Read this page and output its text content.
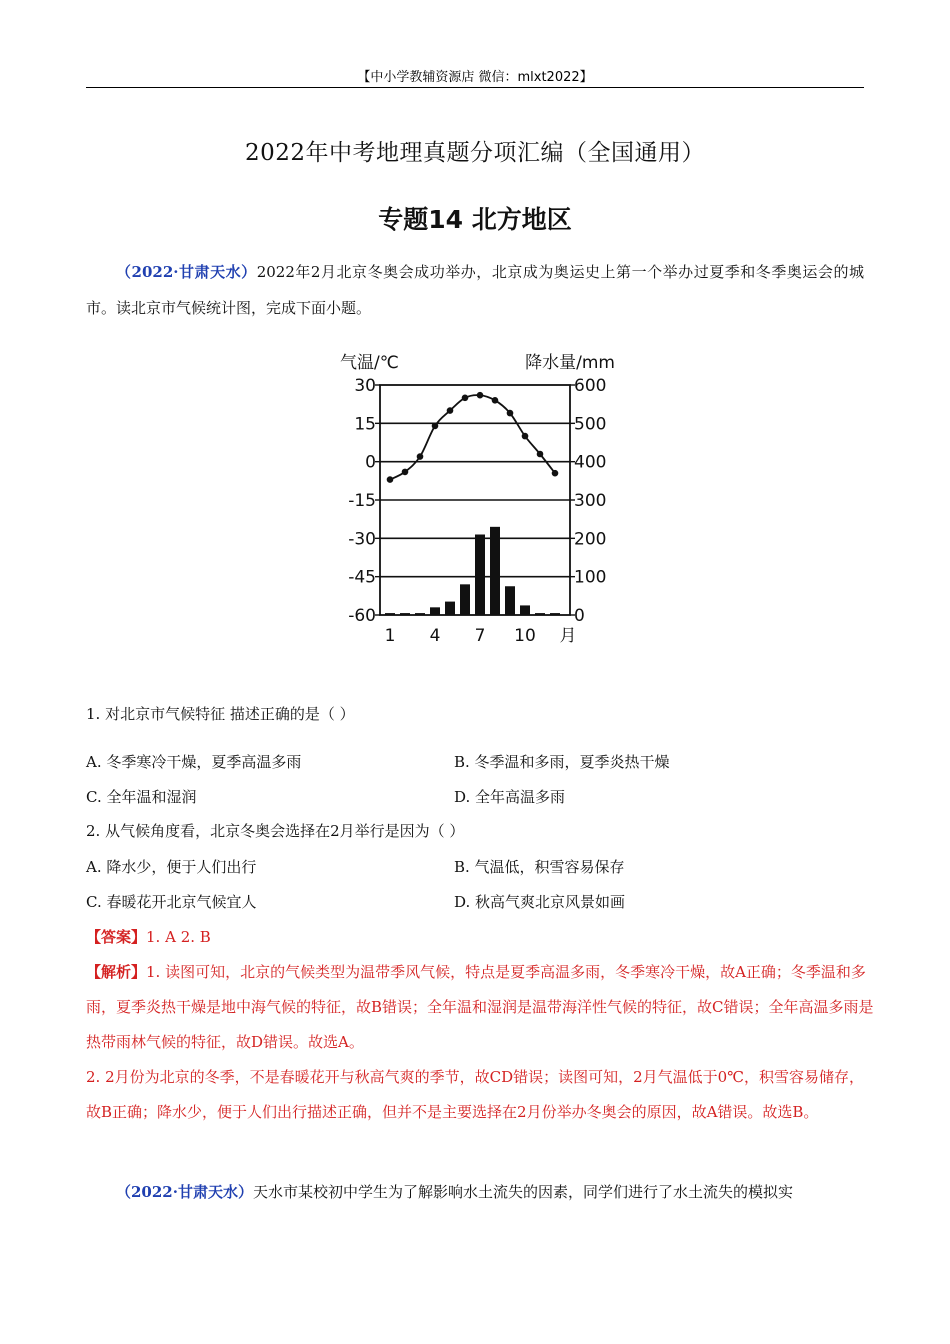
【中小学教辅资源店 微信：mlxt2022】
2022年中考地理真题分项汇编（全国通用）
专题14 北方地区
（2022·甘肃天水）2022年2月北京冬奥会成功举办，北京成为奥运史上第一个举办过夏季和冬季奥运会的城市。读北京市气候统计图，完成下面小题。
30
15
0
-15
-30
-45
-60
600
500
400
300
200
100
0
气温/℃	降水量/mm
1 4 7 10 月
1. 对北京市气候特征 描述正确的是（ ）
A. 冬季寒冷干燥，夏季高温多雨	B. 冬季温和多雨，夏季炎热干燥
C. 全年温和湿润	D. 全年高温多雨
2. 从气候角度看，北京冬奥会选择在2月举行是因为（ ）
A. 降水少，便于人们出行	B. 气温低，积雪容易保存
C. 春暖花开北京气候宜人	D. 秋高气爽北京风景如画
【答案】1. A 2. B
【解析】1. 读图可知，北京的气候类型为温带季风气候，特点是夏季高温多雨，冬季寒冷干燥，故A正确；冬季温和多雨，夏季炎热干燥是地中海气候的特征，故B错误；全年温和湿润是温带海洋性气候的特征，故C错误；全年高温多雨是热带雨林气候的特征，故D错误。故选A。
2. 2月份为北京的冬季，不是春暖花开与秋高气爽的季节，故CD错误；读图可知，2月气温低于0℃，积雪容易储存，故B正确；降水少，便于人们出行描述正确，但并不是主要选择在2月份举办冬奥会的原因，故A错误。故选B。
（2022·甘肃天水）天水市某校初中学生为了解影响水土流失的因素，同学们进行了水土流失的模拟实
